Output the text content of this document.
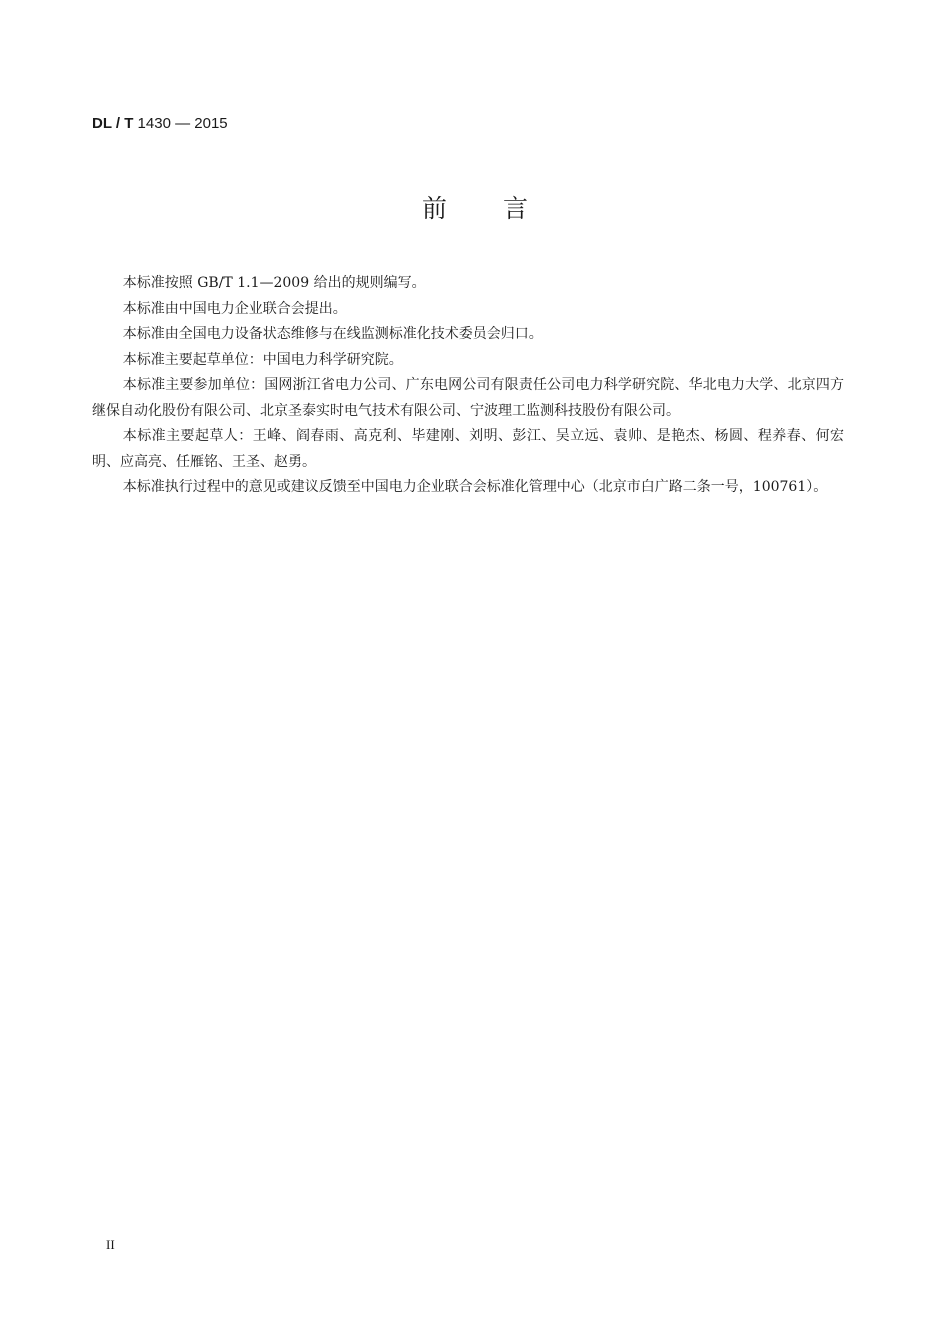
DL / T 1430 — 2015
前言

本标准按照 GB/T 1.1—2009 给出的规则编写。

本标准由中国电力企业联合会提出。

本标准由全国电力设备状态维修与在线监测标准化技术委员会归口。

本标准主要起草单位：中国电力科学研究院。

本标准主要参加单位：国网浙江省电力公司、广东电网公司有限责任公司电力科学研究院、华北电力大学、北京四方继保自动化股份有限公司、北京圣泰实时电气技术有限公司、宁波理工监测科技股份有限公司。

本标准主要起草人：王峰、阎春雨、高克利、毕建刚、刘明、彭江、吴立远、袁帅、是艳杰、杨圆、程养春、何宏明、应高亮、任雁铭、王圣、赵勇。

本标准执行过程中的意见或建议反馈至中国电力企业联合会标准化管理中心（北京市白广路二条一号，100761）。

II
